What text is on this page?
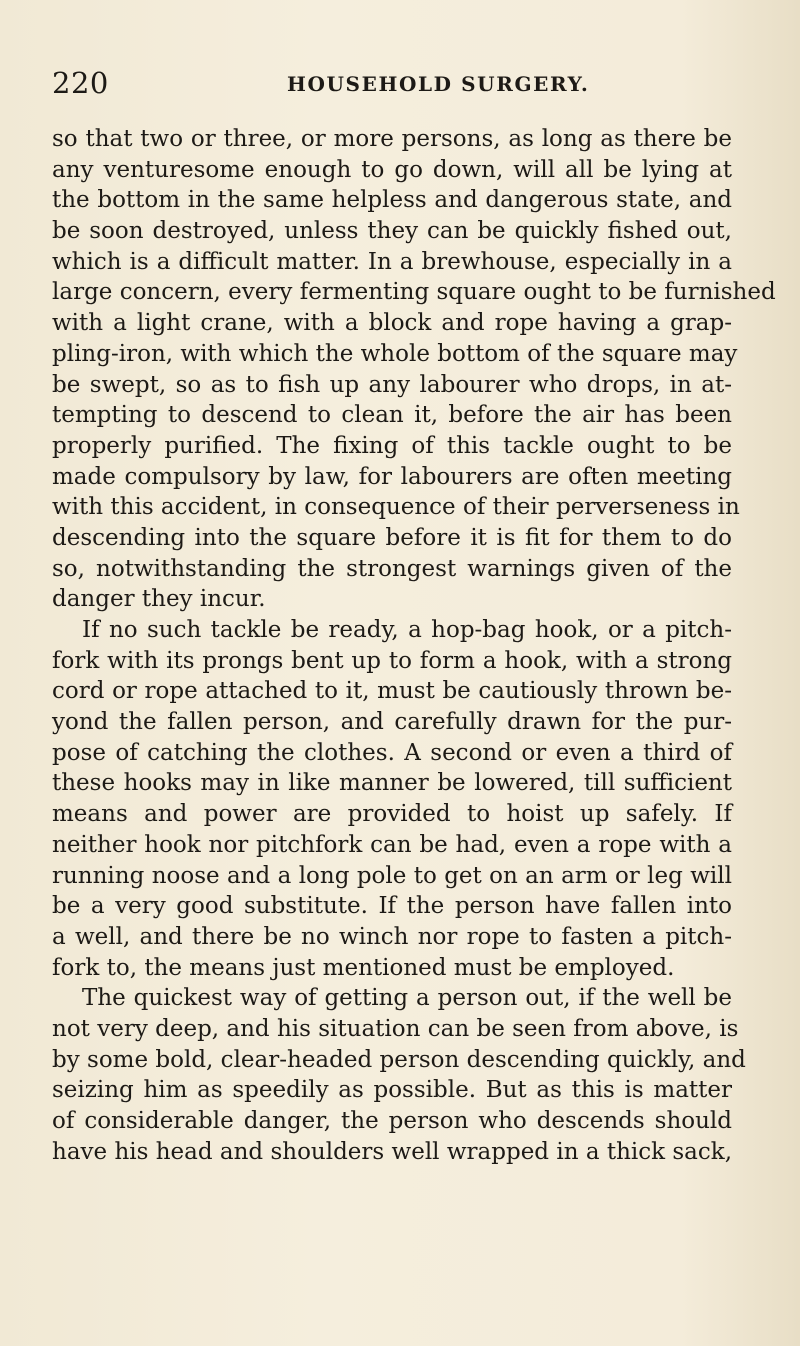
220	HOUSEHOLD SURGERY.
so that two or three, or more persons, as long as there be
any venturesome enough to go down, will all be lying at
the bottom in the same helpless and dangerous state, and
be soon destroyed, unless they can be quickly fished out,
which is a difficult matter. In a brewhouse, especially in a
large concern, every fermenting square ought to be furnished
with a light crane, with a block and rope having a grap-
pling-iron, with which the whole bottom of the square may
be swept, so as to fish up any labourer who drops, in at-
tempting to descend to clean it, before the air has been
properly purified. The fixing of this tackle ought to be
made compulsory by law, for labourers are often meeting
with this accident, in consequence of their perverseness in
descending into the square before it is fit for them to do
so, notwithstanding the strongest warnings given of the
danger they incur.
If no such tackle be ready, a hop-bag hook, or a pitch-
fork with its prongs bent up to form a hook, with a strong
cord or rope attached to it, must be cautiously thrown be-
yond the fallen person, and carefully drawn for the pur-
pose of catching the clothes. A second or even a third of
these hooks may in like manner be lowered, till sufficient
means and power are provided to hoist up safely. If
neither hook nor pitchfork can be had, even a rope with a
running noose and a long pole to get on an arm or leg will
be a very good substitute. If the person have fallen into
a well, and there be no winch nor rope to fasten a pitch-
fork to, the means just mentioned must be employed.
The quickest way of getting a person out, if the well be
not very deep, and his situation can be seen from above, is
by some bold, clear-headed person descending quickly, and
seizing him as speedily as possible. But as this is matter
of considerable danger, the person who descends should
have his head and shoulders well wrapped in a thick sack,
